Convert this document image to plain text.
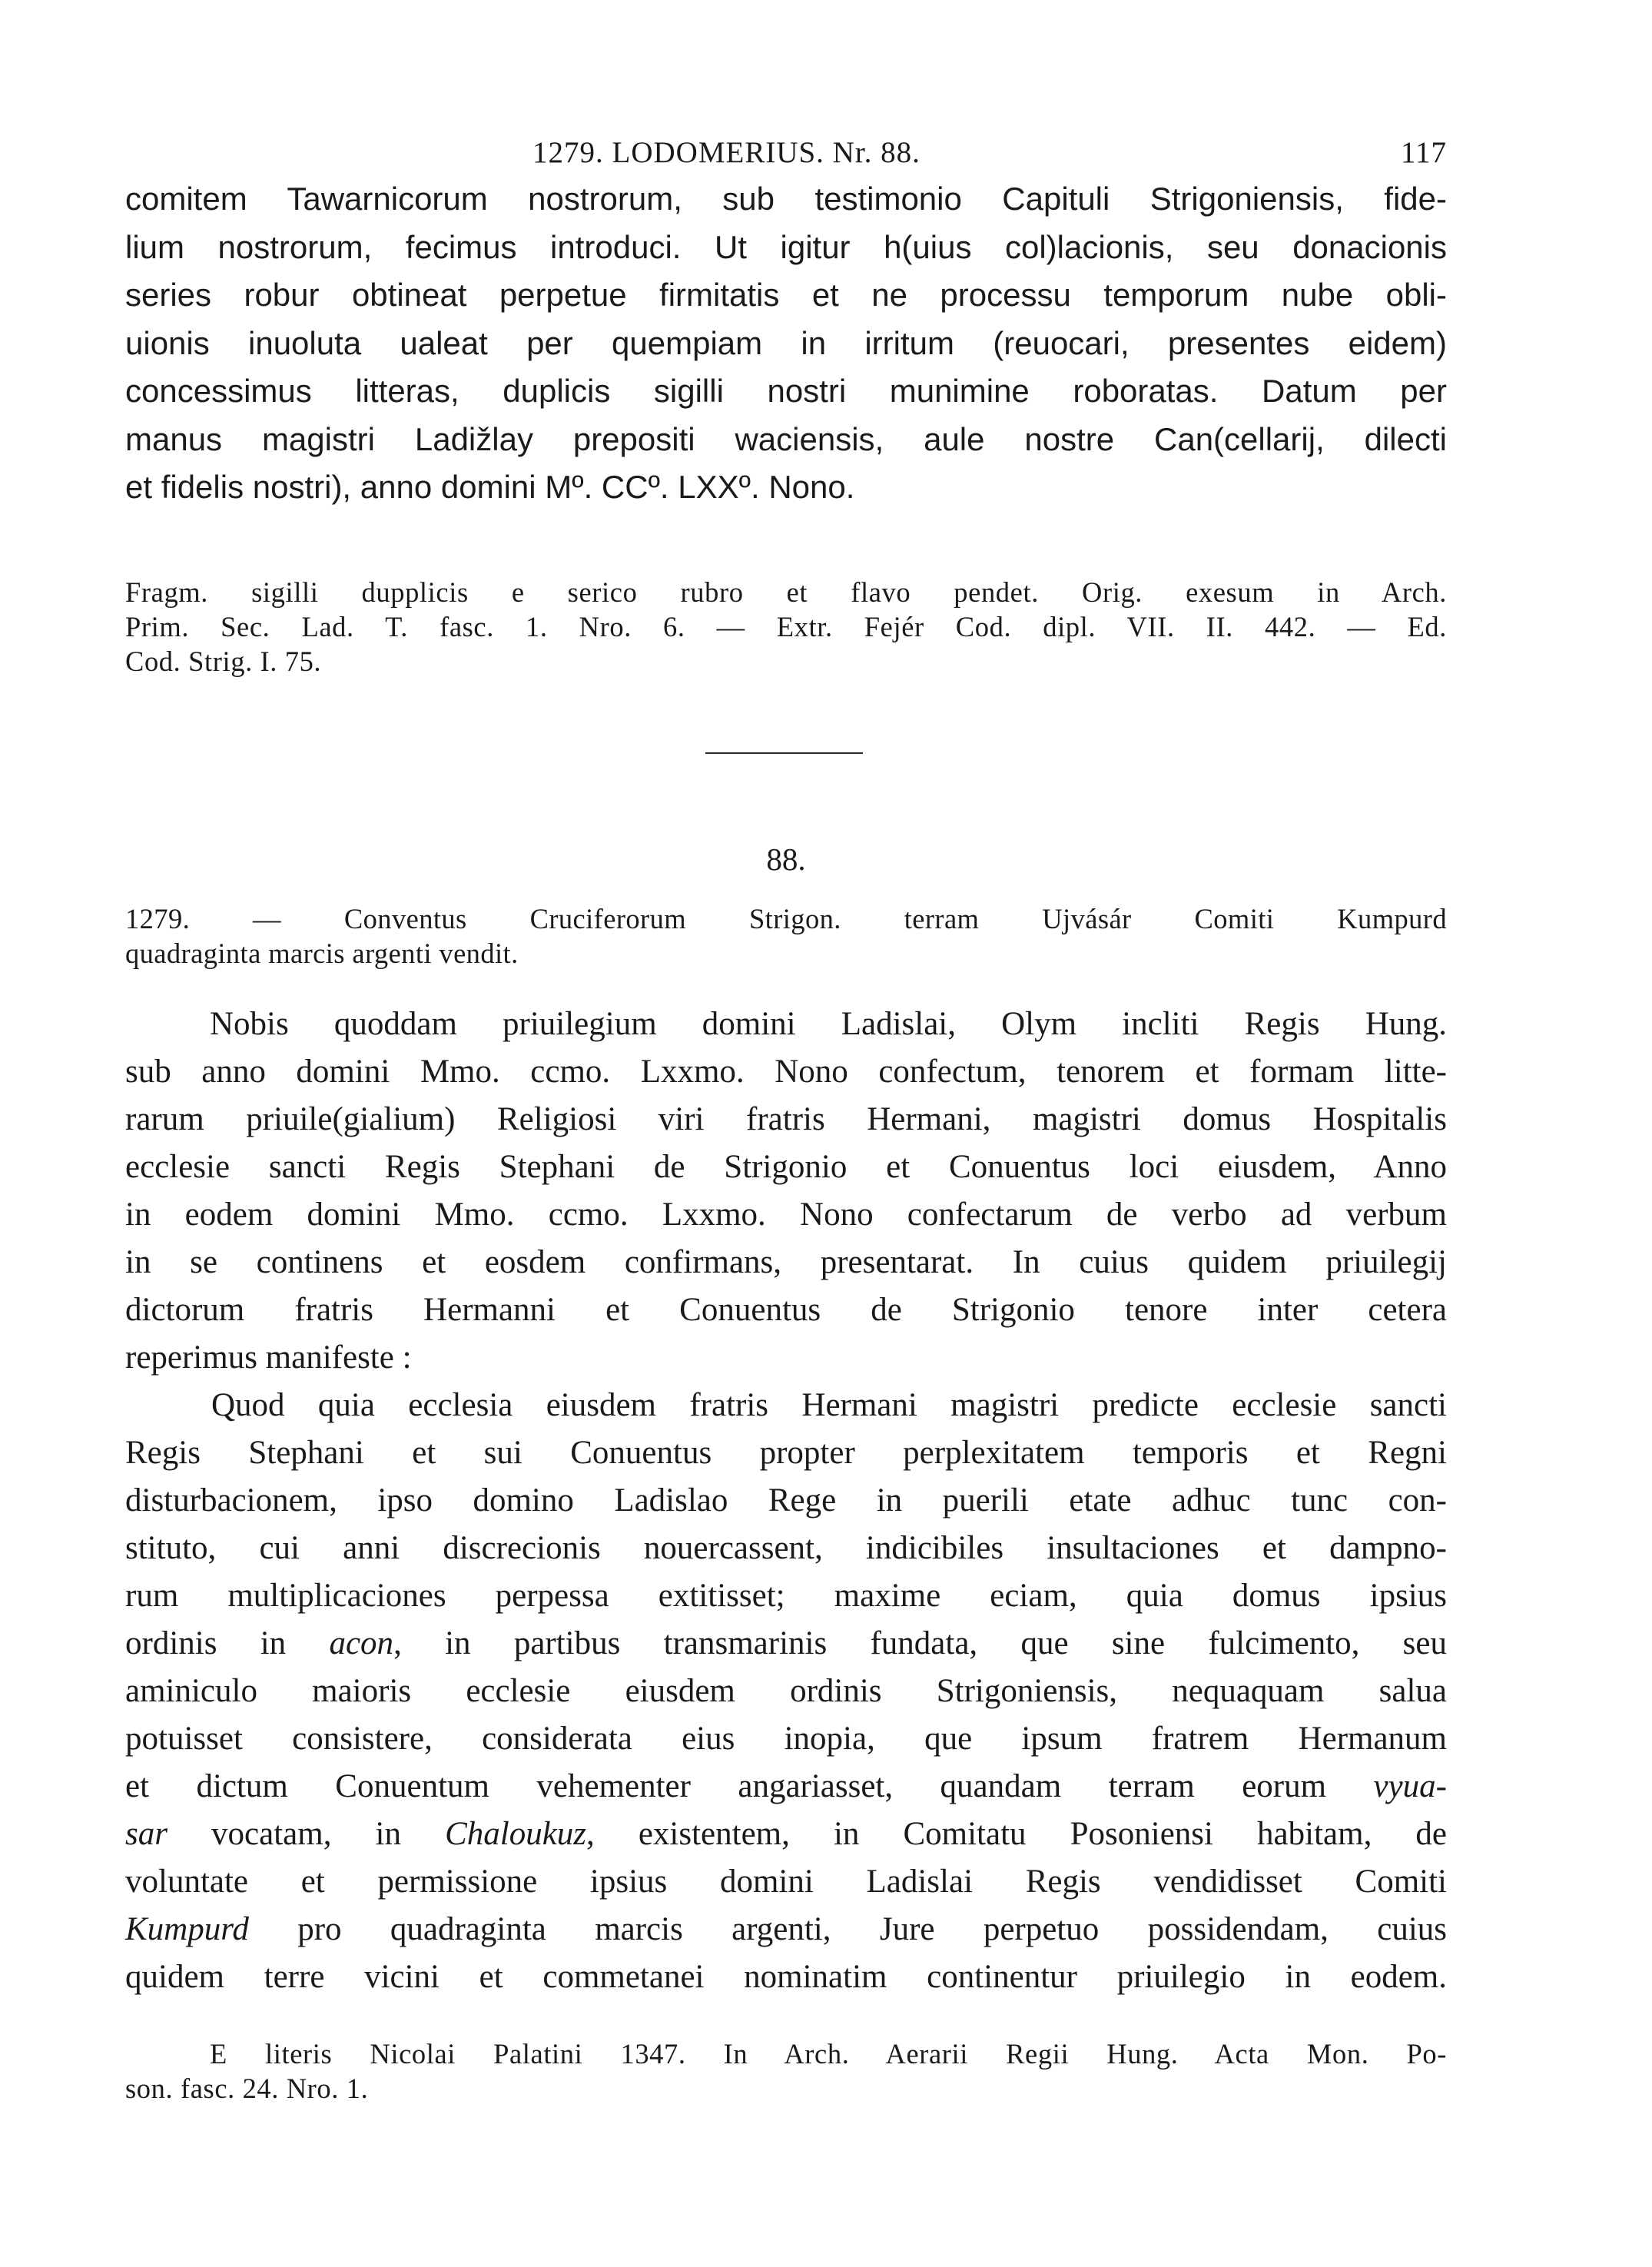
1279. LODOMERIUS. Nr. 88.	117
comitem Tawarnicorum nostrorum, sub testimonio Capituli Strigoniensis, fide-
lium nostrorum, fecimus introduci. Ut igitur h(uius col)lacionis, seu donacionis
series robur obtineat perpetue firmitatis et ne processu temporum nube obli-
uionis inuoluta ualeat per quempiam in irritum (reuocari, presentes eidem)
concessimus litteras, duplicis sigilli nostri munimine roboratas. Datum per
manus magistri Ladižlay prepositi waciensis, aule nostre Can(cellarij, dilecti
et fidelis nostri), anno domini Mº. CCº. LXXº. Nono.
Fragm. sigilli dupplicis e serico rubro et flavo pendet. Orig. exesum in Arch.
Prim. Sec. Lad. T. fasc. 1. Nro. 6. — Extr. Fejér Cod. dipl. VII. II. 442. — Ed.
Cod. Strig. I. 75.
88.
1279. — Conventus Cruciferorum Strigon. terram Ujvásár Comiti Kumpurd
quadraginta marcis argenti vendit.
Nobis quoddam priuilegium domini Ladislai, Olym incliti Regis Hung.
sub anno domini Mmo. ccmo. Lxxmo. Nono confectum, tenorem et formam litte-
rarum priuile(gialium) Religiosi viri fratris Hermani, magistri domus Hospitalis
ecclesie sancti Regis Stephani de Strigonio et Conuentus loci eiusdem, Anno
in eodem domini Mmo. ccmo. Lxxmo. Nono confectarum de verbo ad verbum
in se continens et eosdem confirmans, presentarat. In cuius quidem priuilegij
dictorum fratris Hermanni et Conuentus de Strigonio tenore inter cetera
reperimus manifeste :
Quod quia ecclesia eiusdem fratris Hermani magistri predicte ecclesie sancti
Regis Stephani et sui Conuentus propter perplexitatem temporis et Regni
disturbacionem, ipso domino Ladislao Rege in puerili etate adhuc tunc con-
stituto, cui anni discrecionis nouercassent, indicibiles insultaciones et dampno-
rum multiplicaciones perpessa extitisset; maxime eciam, quia domus ipsius
ordinis in acon, in partibus transmarinis fundata, que sine fulcimento, seu
aminiculo maioris ecclesie eiusdem ordinis Strigoniensis, nequaquam salua
potuisset consistere, considerata eius inopia, que ipsum fratrem Hermanum
et dictum Conuentum vehementer angariasset, quandam terram eorum vyua-
sar vocatam, in Chaloukuz, existentem, in Comitatu Posoniensi habitam, de
voluntate et permissione ipsius domini Ladislai Regis vendidisset Comiti
Kumpurd pro quadraginta marcis argenti, Jure perpetuo possidendam, cuius
quidem terre vicini et commetanei nominatim continentur priuilegio in eodem.
E literis Nicolai Palatini 1347. In Arch. Aerarii Regii Hung. Acta Mon. Po-
son. fasc. 24. Nro. 1.
